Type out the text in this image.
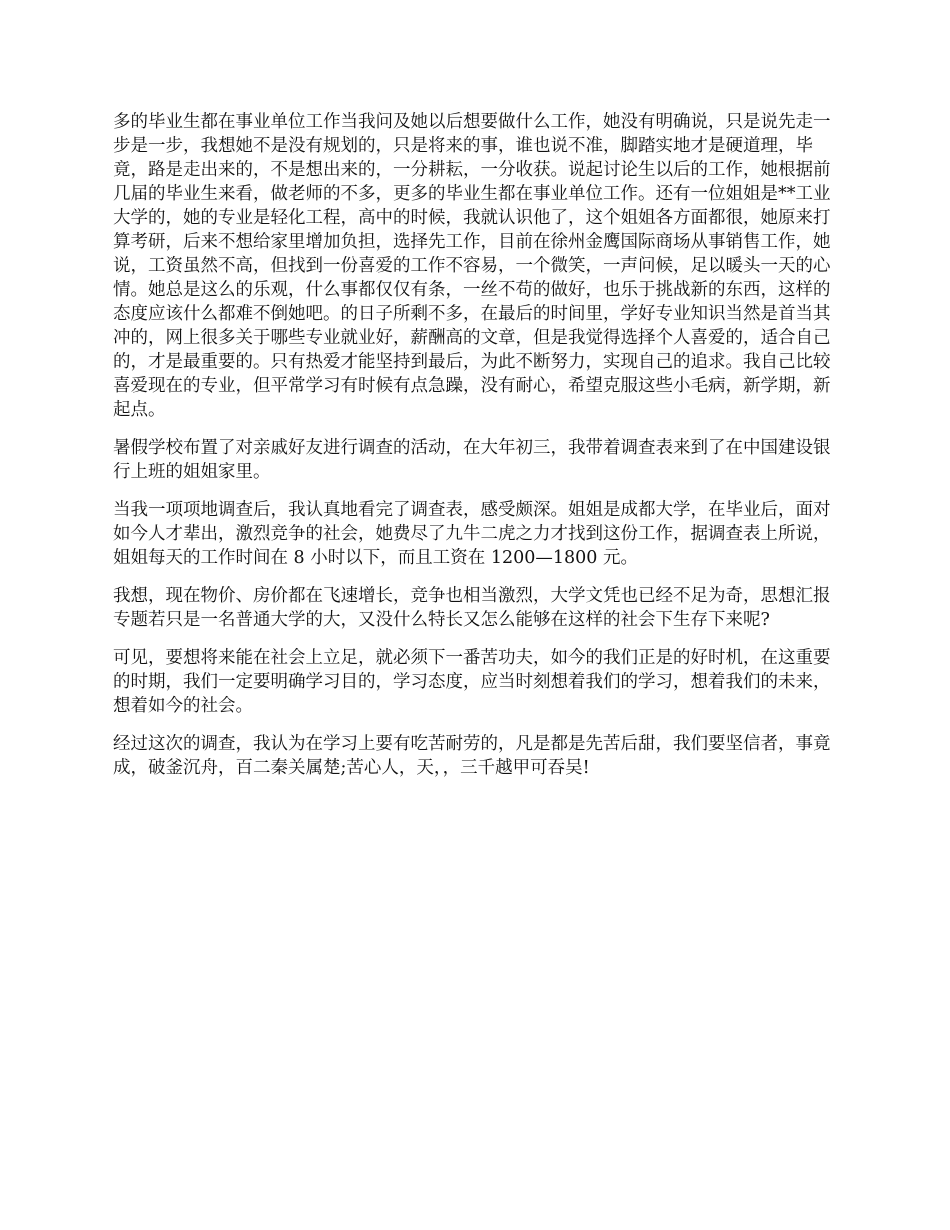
多的毕业生都在事业单位工作当我问及她以后想要做什么工作，她没有明确说，只是说先走一步是一步，我想她不是没有规划的，只是将来的事，谁也说不准，脚踏实地才是硬道理，毕竟，路是走出来的，不是想出来的，一分耕耘，一分收获。说起讨论生以后的工作，她根据前几届的毕业生来看，做老师的不多，更多的毕业生都在事业单位工作。还有一位姐姐是**工业大学的，她的专业是轻化工程，高中的时候，我就认识他了，这个姐姐各方面都很，她原来打算考研，后来不想给家里增加负担，选择先工作，目前在徐州金鹰国际商场从事销售工作，她说，工资虽然不高，但找到一份喜爱的工作不容易，一个微笑，一声问候，足以暖头一天的心情。她总是这么的乐观，什么事都仅仅有条，一丝不苟的做好，也乐于挑战新的东西，这样的态度应该什么都难不倒她吧。的日子所剩不多，在最后的时间里，学好专业知识当然是首当其冲的，网上很多关于哪些专业就业好，薪酬高的文章，但是我觉得选择个人喜爱的，适合自己的，才是最重要的。只有热爱才能坚持到最后，为此不断努力，实现自己的追求。我自己比较喜爱现在的专业，但平常学习有时候有点急躁，没有耐心，希望克服这些小毛病，新学期，新起点。

暑假学校布置了对亲戚好友进行调查的活动，在大年初三，我带着调查表来到了在中国建设银行上班的姐姐家里。

当我一项项地调查后，我认真地看完了调查表，感受颇深。姐姐是成都大学，在毕业后，面对如今人才辈出，激烈竞争的社会，她费尽了九牛二虎之力才找到这份工作，据调查表上所说，姐姐每天的工作时间在 8 小时以下，而且工资在 1200—1800 元。

我想，现在物价、房价都在飞速增长，竞争也相当激烈，大学文凭也已经不足为奇，思想汇报专题若只是一名普通大学的大，又没什么特长又怎么能够在这样的社会下生存下来呢?

可见，要想将来能在社会上立足，就必须下一番苦功夫，如今的我们正是的好时机，在这重要的时期，我们一定要明确学习目的，学习态度，应当时刻想着我们的学习，想着我们的未来，想着如今的社会。

经过这次的调查，我认为在学习上要有吃苦耐劳的，凡是都是先苦后甜，我们要坚信者，事竟成，破釜沉舟，百二秦关属楚;苦心人，天，，三千越甲可吞吴!
